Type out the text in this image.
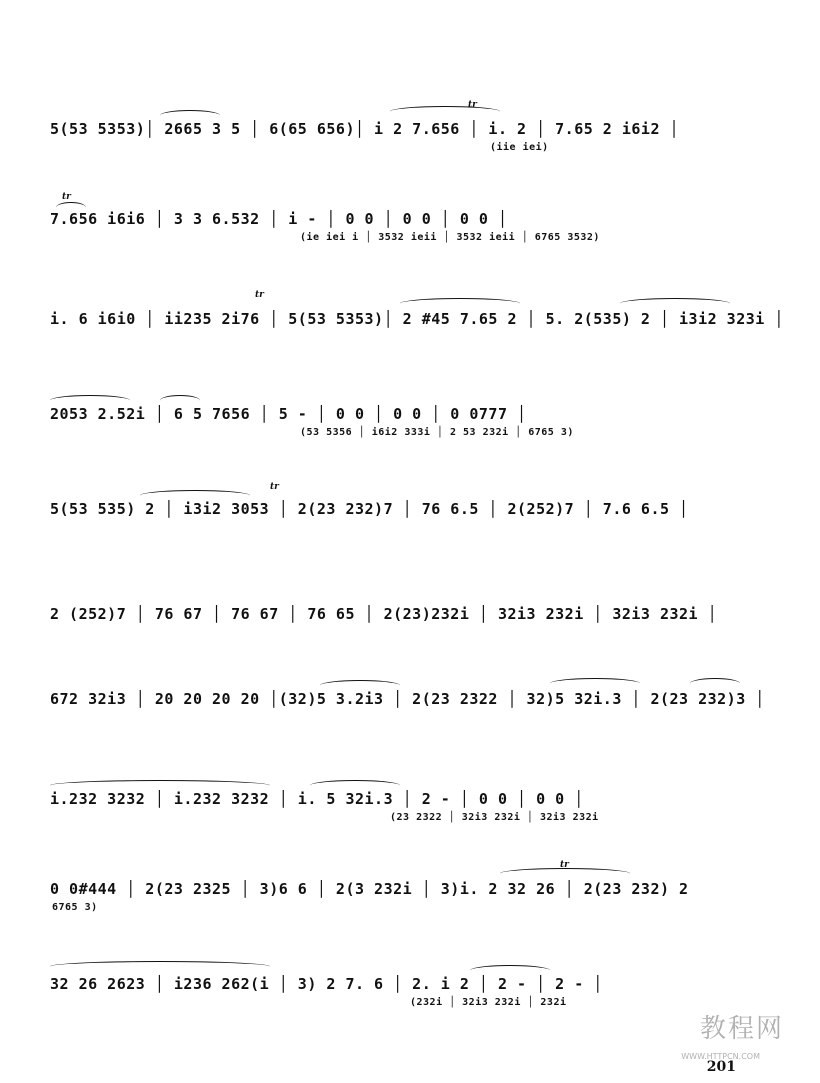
5(53 5353)│ 2665 3 5 │ 6(65 656)│ i 2 7.656 │ i. 2 │ 7.65 2 i6i2 │
(iie iei)
tr
7.656 i6i6 │ 3 3 6.532 │ i - │ 0 0 │ 0 0 │ 0 0 │
(ie iei i │ 3532 ieii │ 3532 ieii │ 6765 3532)
tr
i. 6 i6i0 │ ii235 2i76 │ 5(53 5353)│ 2 #45 7.65 2 │ 5. 2(535) 2 │ i3i2 323i │
tr
2053 2.52i │ 6 5 7656 │ 5 - │ 0 0 │ 0 0 │ 0 0777 │
(53 5356 │ i6i2 333i │ 2 53 232i │ 6765 3)
5(53 535) 2 │ i3i2 3053 │ 2(23 232)7 │ 76 6.5 │ 2(252)7 │ 7.6 6.5 │
tr
2 (252)7 │ 76 67 │ 76 67 │ 76 65 │ 2(23)232i │ 32i3 232i │ 32i3 232i │
672 32i3 │ 20 20 20 20 │(32)5 3.2i3 │ 2(23 2322 │ 32)5 32i.3 │ 2(23 232)3 │
i.232 3232 │ i.232 3232 │ i. 5 32i.3 │ 2 - │ 0 0 │ 0 0 │
(23 2322 │ 32i3 232i │ 32i3 232i
0 0#444 │ 2(23 2325 │ 3)6 6 │ 2(3 232i │ 3)i. 2 32 26 │ 2(23 232) 2
6765 3)
tr
32 26 2623 │ i236 262(i │ 3) 2 7. 6 │ 2. i 2 │ 2 - │ 2 - │
(232i │ 32i3 232i │ 232i
201
教程网
WWW.HTTPCN.COM
